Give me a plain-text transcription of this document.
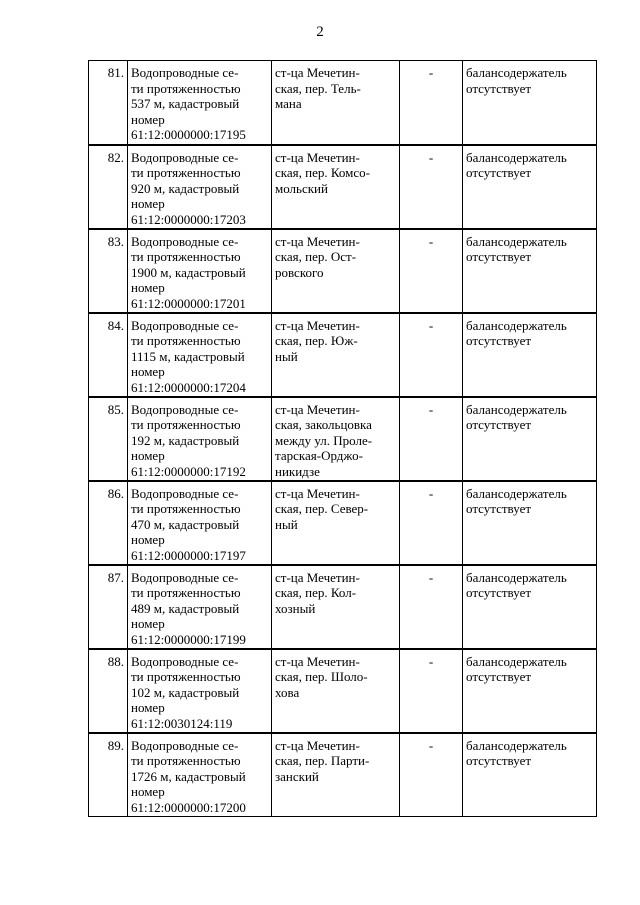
2
81.	Водопроводные се-
ти протяженностью
537 м, кадастровый
номер
61:12:0000000:17195	ст-ца Мечетин-
ская, пер. Тель-
мана	-	балансодержатель
отсутствует

82.	Водопроводные се-
ти протяженностью
920 м, кадастровый
номер
61:12:0000000:17203	ст-ца Мечетин-
ская, пер. Комсо-
мольский	-	балансодержатель
отсутствует

83.	Водопроводные се-
ти протяженностью
1900 м, кадастровый
номер
61:12:0000000:17201	ст-ца Мечетин-
ская, пер. Ост-
ровского	-	балансодержатель
отсутствует

84.	Водопроводные се-
ти протяженностью
1115 м, кадастровый
номер
61:12:0000000:17204	ст-ца Мечетин-
ская, пер. Юж-
ный	-	балансодержатель
отсутствует

85.	Водопроводные се-
ти протяженностью
192 м, кадастровый
номер
61:12:0000000:17192	ст-ца Мечетин-
ская, закольцовка
между ул. Проле-
тарская-Орджо-
никидзе	-	балансодержатель
отсутствует

86.	Водопроводные се-
ти протяженностью
470 м, кадастровый
номер
61:12:0000000:17197	ст-ца Мечетин-
ская, пер. Север-
ный	-	балансодержатель
отсутствует

87.	Водопроводные се-
ти протяженностью
489 м, кадастровый
номер
61:12:0000000:17199	ст-ца Мечетин-
ская, пер. Кол-
хозный	-	балансодержатель
отсутствует

88.	Водопроводные се-
ти протяженностью
102 м, кадастровый
номер
61:12:0030124:119	ст-ца Мечетин-
ская, пер. Шоло-
хова	-	балансодержатель
отсутствует

89.	Водопроводные се-
ти протяженностью
1726 м, кадастровый
номер
61:12:0000000:17200	ст-ца Мечетин-
ская, пер. Парти-
занский	-	балансодержатель
отсутствует
